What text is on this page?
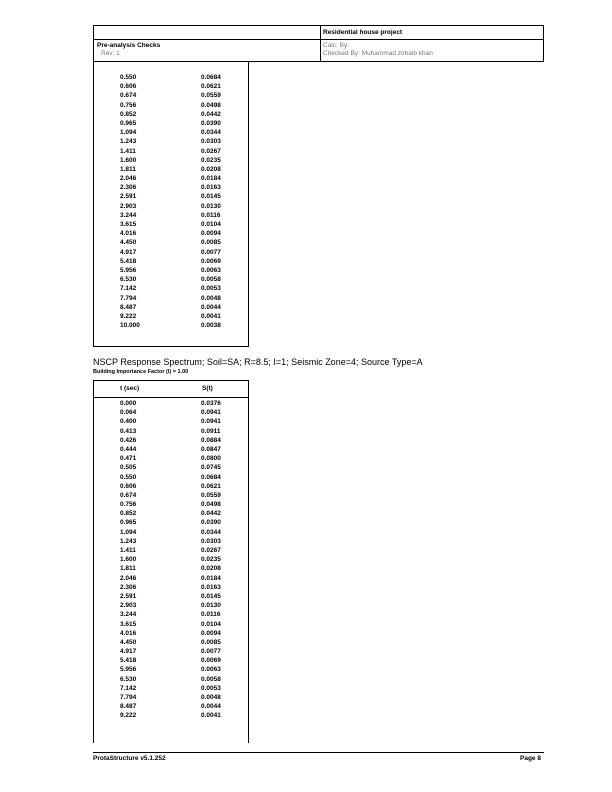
Residential house project
Pre-analysis Checks
Rev: 1
Calc. By:
Checked By: Muhammad zohaib khan
0.550	0.0684
0.606	0.0621
0.674	0.0559
0.756	0.0498
0.852	0.0442
0.965	0.0390
1.094	0.0344
1.243	0.0303
1.411	0.0267
1.600	0.0235
1.811	0.0208
2.046	0.0184
2.306	0.0163
2.591	0.0145
2.903	0.0130
3.244	0.0116
3.615	0.0104
4.016	0.0094
4.450	0.0085
4.917	0.0077
5.418	0.0069
5.956	0.0063
6.530	0.0058
7.142	0.0053
7.794	0.0048
8.487	0.0044
9.222	0.0041
10.000	0.0038
NSCP Response Spectrum; Soil=SA; R=8.5; I=1; Seismic Zone=4; Source Type=A
Building Importance Factor (I) = 1.00
t (sec)	S(t)
0.000	0.0376
0.064	0.0941
0.400	0.0941
0.413	0.0911
0.426	0.0884
0.444	0.0847
0.471	0.0800
0.505	0.0745
0.550	0.0684
0.606	0.0621
0.674	0.0559
0.756	0.0498
0.852	0.0442
0.965	0.0390
1.094	0.0344
1.243	0.0303
1.411	0.0267
1.600	0.0235
1.811	0.0208
2.046	0.0184
2.306	0.0163
2.591	0.0145
2.903	0.0130
3.244	0.0116
3.615	0.0104
4.016	0.0094
4.450	0.0085
4.917	0.0077
5.418	0.0069
5.956	0.0063
6.530	0.0058
7.142	0.0053
7.794	0.0048
8.487	0.0044
9.222	0.0041
ProtaStructure v5.1.252	Page 8
